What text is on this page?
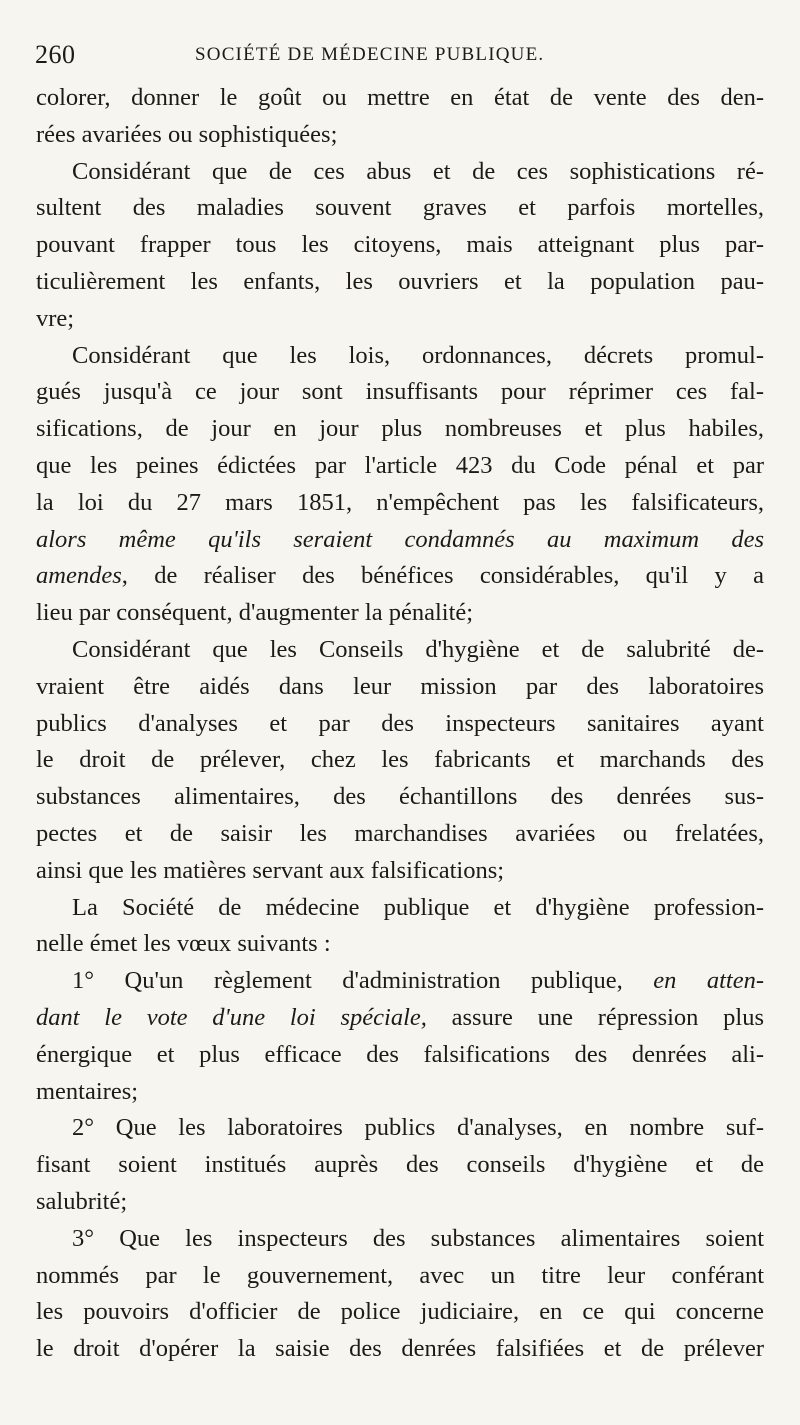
260	SOCIÉTÉ DE MÉDECINE PUBLIQUE.
colorer, donner le goût ou mettre en état de vente des den-
rées avariées ou sophistiquées;
Considérant que de ces abus et de ces sophistications ré-
sultent des maladies souvent graves et parfois mortelles,
pouvant frapper tous les citoyens, mais atteignant plus par-
ticulièrement les enfants, les ouvriers et la population pau-
vre;
Considérant que les lois, ordonnances, décrets promul-
gués jusqu'à ce jour sont insuffisants pour réprimer ces fal-
sifications, de jour en jour plus nombreuses et plus habiles,
que les peines édictées par l'article 423 du Code pénal et par
la loi du 27 mars 1851, n'empêchent pas les falsificateurs,
alors même qu'ils seraient condamnés au maximum des
amendes, de réaliser des bénéfices considérables, qu'il y a
lieu par conséquent, d'augmenter la pénalité;
Considérant que les Conseils d'hygiène et de salubrité de-
vraient être aidés dans leur mission par des laboratoires
publics d'analyses et par des inspecteurs sanitaires ayant
le droit de prélever, chez les fabricants et marchands des
substances alimentaires, des échantillons des denrées sus-
pectes et de saisir les marchandises avariées ou frelatées,
ainsi que les matières servant aux falsifications;
La Société de médecine publique et d'hygiène profession-
nelle émet les vœux suivants :
1° Qu'un règlement d'administration publique, en atten-
dant le vote d'une loi spéciale, assure une répression plus
énergique et plus efficace des falsifications des denrées ali-
mentaires;
2° Que les laboratoires publics d'analyses, en nombre suf-
fisant soient institués auprès des conseils d'hygiène et de
salubrité;
3° Que les inspecteurs des substances alimentaires soient
nommés par le gouvernement, avec un titre leur conférant
les pouvoirs d'officier de police judiciaire, en ce qui concerne
le droit d'opérer la saisie des denrées falsifiées et de prélever
